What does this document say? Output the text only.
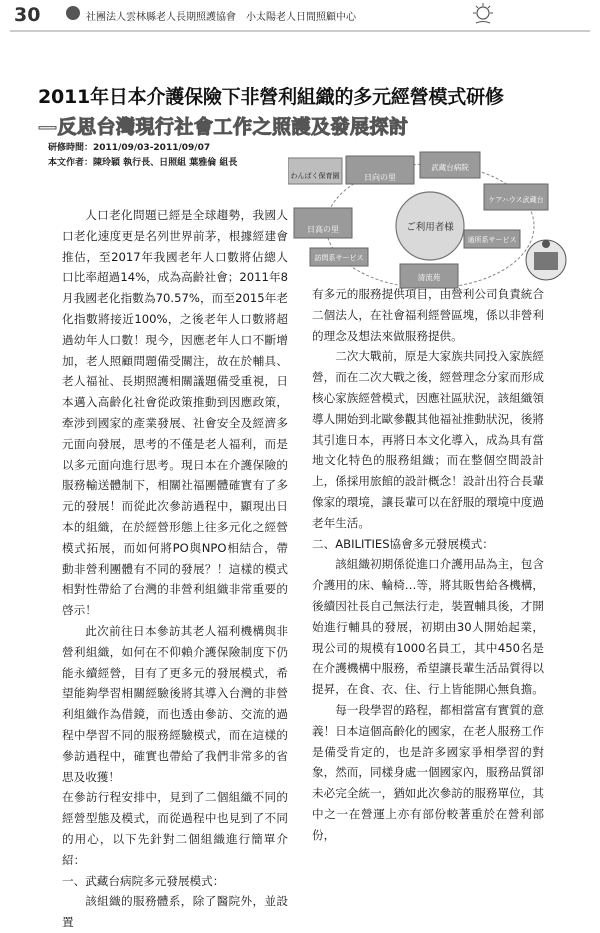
30	社團法人雲林縣老人長期照護協會　 小太陽老人日間照顧中心
2011年日本介護保險下非營利組織的多元經營模式研修
—反思台灣現行社會工作之照護及發展探討
研修時間：2011/09/03-2011/09/07
本文作者：陳玲穎 執行長、日照組 葉雅倫 組長
ご利用者様
日向の里
わんぱく保育園
日高の里
武蔵台病院
ケアハウス武蔵台
通所系サービス
訪問系サービス
清流苑

人口老化問題已經是全球趨勢，我國人口老化速度更是名列世界前茅，根據經建會推估，至2017年我國老年人口數將佔總人口比率超過14%，成為高齡社會；2011年8月我國老化指數為70.57%，而至2015年老化指數將接近100%，之後老年人口數將超過幼年人口數！現今，因應老年人口不斷增加，老人照顧問題備受關注，故在於輔具、老人福祉、長期照護相關議題備受重視，日本邁入高齡化社會從政策推動到因應政策，牽涉到國家的產業發展、社會安全及經濟多元面向發展，思考的不僅是老人福利，而是以多元面向進行思考。現日本在介護保險的服務輸送體制下，相關社福團體確實有了多元的發展！而從此次參訪過程中，顯現出日本的組織，在於經營形態上往多元化之經營模式拓展，而如何將PO與NPO相結合，帶動非營利團體有不同的發展？！這樣的模式相對性帶給了台灣的非營利組織非常重要的啓示！

此次前往日本參訪其老人福利機構與非營利組織，如何在不仰賴介護保險制度下仍能永續經營，目有了更多元的發展模式，希望能夠學習相關經驗後將其導入台灣的非營利組織作為借鏡，而也透由參訪、交流的過程中學習不同的服務經驗模式，而在這樣的參訪過程中，確實也帶給了我們非常多的省思及收獲！

在參訪行程安排中，見到了二個組織不同的經營型態及模式，而從過程中也見到了不同的用心，以下先針對二個組織進行簡單介紹：

一、武藏台病院多元發展模式：

該組織的服務體系，除了醫院外，並設置

有多元的服務提供項目，由營利公司負責統合二個法人，在社會福利經營區塊，係以非營利的理念及想法來做服務提供。

二次大戰前，原是大家族共同投入家族經營，而在二次大戰之後，經營理念分家而形成核心家族經營模式，因應社區狀況，該組織領導人開始到北歐參觀其他福祉推動狀況，後將其引進日本，再將日本文化導入，成為具有當地文化特色的服務組織；而在整個空間設計上，係採用旅館的設計概念！設計出符合長輩像家的環境，讓長輩可以在舒服的環境中度過老年生活。

二、ABILITIES協會多元發展模式：

該組織初期係從進口介護用品為主，包含介護用的床、輪椅…等，將其販售給各機構，後續因社長自己無法行走，裝置輔具後，才開始進行輔具的發展，初期由30人開始起業，現公司的規模有1000名員工，其中450名是在介護機構中服務，希望讓長輩生活品質得以提昇，在食、衣、住、行上皆能開心無負擔。

每一段學習的路程，都相當富有實質的意義！日本這個高齡化的國家，在老人服務工作是備受肯定的，也是許多國家爭相學習的對象，然而，同樣身處一個國家內，服務品質卻未必完全統一，猶如此次參訪的服務單位，其中之一在營運上亦有部份較著重於在營利部份，
